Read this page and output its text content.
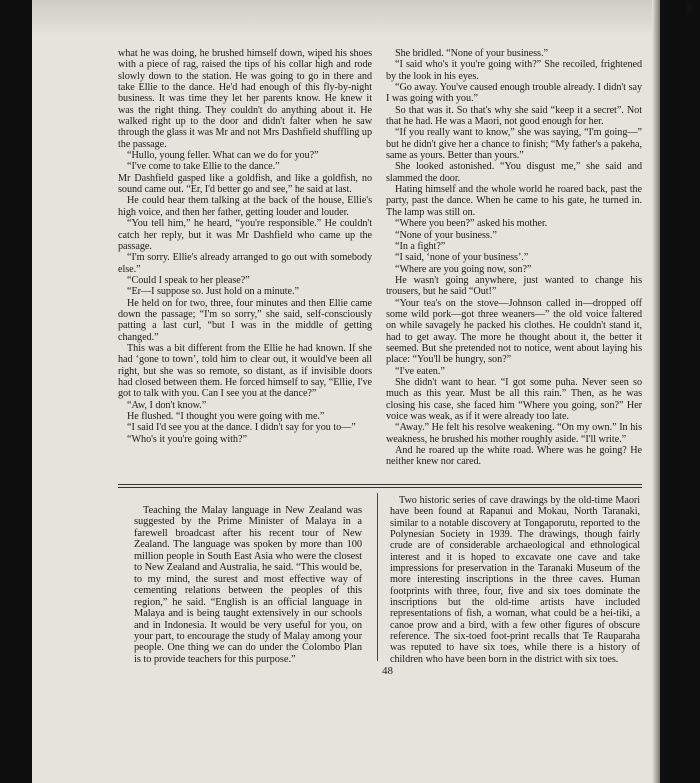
what he was doing, he brushed himself down, wiped his shoes with a piece of rag, raised the tips of his collar high and rode slowly down to the station. He was going to go in there and take Ellie to the dance. He'd had enough of this fly-by-night business. It was time they let her parents know. He knew it was the right thing. They couldn't do anything about it. He walked right up to the door and didn't falter when he saw through the glass it was Mr and not Mrs Dashfield shuffling up the passage.

“Hullo, young feller. What can we do for you?”

“I've come to take Ellie to the dance.”

Mr Dashfield gasped like a goldfish, and like a goldfish, no sound came out. “Er, I'd better go and see,” he said at last.

He could hear them talking at the back of the house, Ellie's high voice, and then her father, getting louder and louder.

“You tell him,” he heard, “you're responsible.” He couldn't catch her reply, but it was Mr Dashfield who came up the passage.

“I'm sorry. Ellie's already arranged to go out with somebody else.”

“Could I speak to her please?”

“Er—I suppose so. Just hold on a minute.”

He held on for two, three, four minutes and then Ellie came down the passage; “I'm so sorry,” she said, self-consciously patting a last curl, “but I was in the middle of getting changed.”

This was a bit different from the Ellie he had known. If she had ‘gone to town’, told him to clear out, it would've been all right, but she was so remote, so distant, as if invisible doors had closed between them. He forced himself to say, “Ellie, I've got to talk with you. Can I see you at the dance?”

“Aw, I don't know.”

He flushed. “I thought you were going with me.”

“I said I'd see you at the dance. I didn't say for you to—”

“Who's it you're going with?”

She bridled. “None of your business.”

“I said who's it you're going with?” She recoiled, frightened by the look in his eyes.

“Go away. You've caused enough trouble already. I didn't say I was going with you.”

So that was it. So that's why she said “keep it a secret”. Not that he had. He was a Maori, not good enough for her.

“If you really want to know,” she was saying, “I'm going—” but he didn't give her a chance to finish; “My father's a pakeha, same as yours. Better than yours.”

She looked astonished. “You disgust me,” she said and slammed the door.

Hating himself and the whole world he roared back, past the party, past the dance. When he came to his gate, he turned in. The lamp was still on.

“Where you been?” asked his mother.

“None of your business.”

“In a fight?”

“I said, ‘none of your business’.”

“Where are you going now, son?”

He wasn't going anywhere, just wanted to change his trousers, but he said “Out!”

“Your tea's on the stove—Johnson called in—dropped off some wild pork—got three weaners—” the old voice faltered on while savagely he packed his clothes. He couldn't stand it, had to get away. The more he thought about it, the better it seemed. But she pretended not to notice, went about laying his place: “You'll be hungry, son?”

“I've eaten.”

She didn't want to hear. “I got some puha. Never seen so much as this year. Must be all this rain.” Then, as he was closing his case, she faced him “Where you going, son?” Her voice was weak, as if it were already too late.

“Away.” He felt his resolve weakening. “On my own.” In his weakness, he brushed his mother roughly aside. “I'll write.”

And he roared up the white road. Where was he going? He neither knew nor cared.

Teaching the Malay language in New Zealand was suggested by the Prime Minister of Malaya in a farewell broadcast after his recent tour of New Zealand. The language was spoken by more than 100 million people in South East Asia who were the closest to New Zealand and Australia, he said. “This would be, to my mind, the surest and most effective way of cementing relations between the peoples of this region,” he said. “English is an official language in Malaya and is being taught extensively in our schools and in Indonesia. It would be very useful for you, on your part, to encourage the study of Malay among your people. One thing we can do under the Colombo Plan is to provide teachers for this purpose.”

Two historic series of cave drawings by the old-time Maori have been found at Rapanui and Mokau, North Taranaki, similar to a notable discovery at Tongaporutu, reported to the Polynesian Society in 1939. The drawings, though fairly crude are of considerable archaeological and ethnological interest and it is hoped to excavate one cave and take impressions for preservation in the Taranaki Museum of the more interesting inscriptions in the three caves. Human footprints with three, four, five and six toes dominate the inscriptions but the old-time artists have included representations of fish, a woman, what could be a hei-tiki, a canoe prow and a bird, with a few other figures of obscure reference. The six-toed foot-print recalls that Te Rauparaha was reputed to have six toes, while there is a history of children who have been born in the district with six toes.

48
